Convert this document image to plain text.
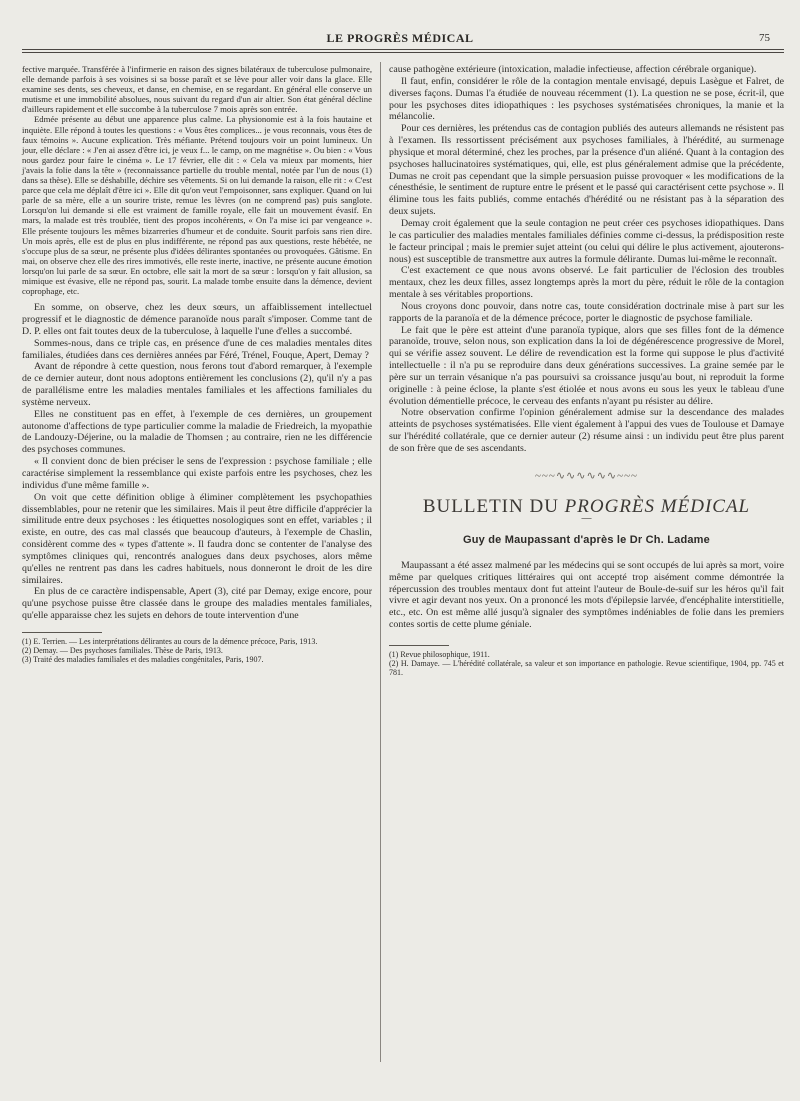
LE PROGRÈS MÉDICAL	75

fective marquée. Transférée à l'infirmerie en raison des signes bilatéraux de tuberculose pulmonaire, elle demande parfois à ses voisines si sa bosse paraît et se lève pour aller voir dans la glace. Elle examine ses dents, ses cheveux, et danse, en chemise, en se regardant. En général elle conserve un mutisme et une immobilité absolues, nous suivant du regard d'un air altier. Son état général décline d'ailleurs rapidement et elle succombe à la tuberculose 7 mois après son entrée.

Edmée présente au début une apparence plus calme. La physionomie est à la fois hautaine et inquiète. Elle répond à toutes les questions : « Vous êtes complices... je vous reconnais, vous êtes de faux témoins ». Aucune explication. Très méfiante. Prétend toujours voir un point lumineux. Un jour, elle déclare : « J'en ai assez d'être ici, je veux f... le camp, on me magnétise ». Ou bien : « Vous nous gardez pour faire le cinéma ». Le 17 février, elle dit : « Cela va mieux par moments, hier j'avais la folie dans la tête » (reconnaissance partielle du trouble mental, notée par l'un de nous (1) dans sa thèse). Elle se déshabille, déchire ses vêtements. Si on lui demande la raison, elle rit : « C'est parce que cela me déplaît d'être ici ». Elle dit qu'on veut l'empoisonner, sans expliquer. Quand on lui parle de sa mère, elle a un sourire triste, remue les lèvres (on ne comprend pas) puis sanglote. Lorsqu'on lui demande si elle est vraiment de famille royale, elle fait un mouvement évasif. En mars, la malade est très troublée, tient des propos incohérents, « On l'a mise ici par vengeance ». Elle présente toujours les mêmes bizarreries d'humeur et de conduite. Sourit parfois sans rien dire. Un mois après, elle est de plus en plus indifférente, ne répond pas aux questions, reste hébétée, ne s'occupe plus de sa sœur, ne présente plus d'idées délirantes spontanées ou provoquées. Gâtisme. En mai, on observe chez elle des rires immotivés, elle reste inerte, inactive, ne présente aucune émotion lorsqu'on lui parle de sa sœur. En octobre, elle sait la mort de sa sœur : lorsqu'on y fait allusion, sa mimique est évasive, elle ne répond pas, sourit. La malade tombe ensuite dans la démence, devient coprophage, etc.

En somme, on observe, chez les deux sœurs, un affaiblissement intellectuel progressif et le diagnostic de démence paranoïde nous paraît s'imposer. Comme tant de D. P. elles ont fait toutes deux de la tuberculose, à laquelle l'une d'elles a succombé.

Sommes-nous, dans ce triple cas, en présence d'une de ces maladies mentales dites familiales, étudiées dans ces dernières années par Féré, Trénel, Fouque, Apert, Demay ?

Avant de répondre à cette question, nous ferons tout d'abord remarquer, à l'exemple de ce dernier auteur, dont nous adoptons entièrement les conclusions (2), qu'il n'y a pas de parallélisme entre les maladies mentales familiales et les affections familiales du système nerveux.

Elles ne constituent pas en effet, à l'exemple de ces dernières, un groupement autonome d'affections de type particulier comme la maladie de Friedreich, la myopathie de Landouzy-Déjerine, ou la maladie de Thomsen ; au contraire, rien ne les différencie des psychoses communes.

« Il convient donc de bien préciser le sens de l'expression : psychose familiale ; elle caractérise simplement la ressemblance qui existe parfois entre les psychoses, chez les individus d'une même famille ».

On voit que cette définition oblige à éliminer complètement les psychopathies dissemblables, pour ne retenir que les similaires. Mais il peut être difficile d'apprécier la similitude entre deux psychoses : les étiquettes nosologiques sont en effet, variables ; il existe, en outre, des cas mal classés que beaucoup d'auteurs, à l'exemple de Chaslin, considèrent comme des « types d'attente ». Il faudra donc se contenter de l'analyse des symptômes cliniques qui, rencontrés analogues dans deux psychoses, alors même qu'elles ne rentrent pas dans les cadres habituels, nous donneront le droit de les dire similaires.

En plus de ce caractère indispensable, Apert (3), cité par Demay, exige encore, pour qu'une psychose puisse être classée dans le groupe des maladies mentales familiales, qu'elle apparaisse chez les sujets en dehors de toute intervention d'une

(1) E. Terrien. — Les interprétations délirantes au cours de la démence précoce, Paris, 1913.

(2) Demay. — Des psychoses familiales. Thèse de Paris, 1913.

(3) Traité des maladies familiales et des maladies congénitales, Paris, 1907.

cause pathogène extérieure (intoxication, maladie infectieuse, affection cérébrale organique).

Il faut, enfin, considérer le rôle de la contagion mentale envisagé, depuis Lasègue et Falret, de diverses façons. Dumas l'a étudiée de nouveau récemment (1). La question ne se pose, écrit-il, que pour les psychoses dites idiopathiques : les psychoses systématisées chroniques, la manie et la mélancolie.

Pour ces dernières, les prétendus cas de contagion publiés des auteurs allemands ne résistent pas à l'examen. Ils ressortissent précisément aux psychoses familiales, à l'hérédité, au surmenage physique et moral déterminé, chez les proches, par la présence d'un aliéné. Quant à la contagion des psychoses hallucinatoires systématiques, qui, elle, est plus généralement admise que la précédente, Dumas ne croit pas cependant que la simple persuasion puisse provoquer « les modifications de la cénesthésie, le sentiment de rupture entre le présent et le passé qui caractérisent cette psychose ». Il élimine tous les faits publiés, comme entachés d'hérédité ou ne résistant pas à la séparation des deux sujets.

Demay croit également que la seule contagion ne peut créer ces psychoses idiopathiques. Dans le cas particulier des maladies mentales familiales définies comme ci-dessus, la prédisposition reste le facteur principal ; mais le premier sujet atteint (ou celui qui délire le plus activement, ajouterons-nous) est susceptible de transmettre aux autres la formule délirante. Dumas lui-même le reconnaît.

C'est exactement ce que nous avons observé. Le fait particulier de l'éclosion des troubles mentaux, chez les deux filles, assez longtemps après la mort du père, réduit le rôle de la contagion mentale à ses véritables proportions.

Nous croyons donc pouvoir, dans notre cas, toute considération doctrinale mise à part sur les rapports de la paranoïa et de la démence précoce, porter le diagnostic de psychose familiale.

Le fait que le père est atteint d'une paranoïa typique, alors que ses filles font de la démence paranoïde, trouve, selon nous, son explication dans la loi de dégénérescence progressive de Morel, qui se vérifie assez souvent. Le délire de revendication est la forme qui suppose le plus d'activité intellectuelle : il n'a pu se reproduire dans deux générations successives. La graine semée par le père sur un terrain vésanique n'a pas poursuivi sa croissance jusqu'au bout, ni reproduit la forme originelle : à peine éclose, la plante s'est étiolée et nous avons eu sous les yeux le tableau d'une évolution démentielle précoce, le cerveau des enfants n'ayant pu résister au délire.

Notre observation confirme l'opinion généralement admise sur la descendance des malades atteints de psychoses systématisées. Elle vient également à l'appui des vues de Toulouse et Damaye sur l'hérédité collatérale, que ce dernier auteur (2) résume ainsi : un individu peut être plus parent de son frère que de ses ascendants.

~~~∿∿∿∿∿∿~~~
BULLETIN DU PROGRÈS MÉDICAL
—
Guy de Maupassant d'après le Dr Ch. Ladame

Maupassant a été assez malmené par les médecins qui se sont occupés de lui après sa mort, voire même par quelques critiques littéraires qui ont accepté trop aisément comme démontrée la répercussion des troubles mentaux dont fut atteint l'auteur de Boule-de-suif sur les héros qu'il fait vivre et agir devant nos yeux. On a prononcé les mots d'épilepsie larvée, d'encéphalite interstitielle, etc., etc. On est même allé jusqu'à signaler des symptômes indéniables de folie dans les premiers contes sortis de cette plume géniale.

(1) Revue philosophique, 1911.

(2) H. Damaye. — L'hérédité collatérale, sa valeur et son importance en pathologie. Revue scientifique, 1904, pp. 745 et 781.
